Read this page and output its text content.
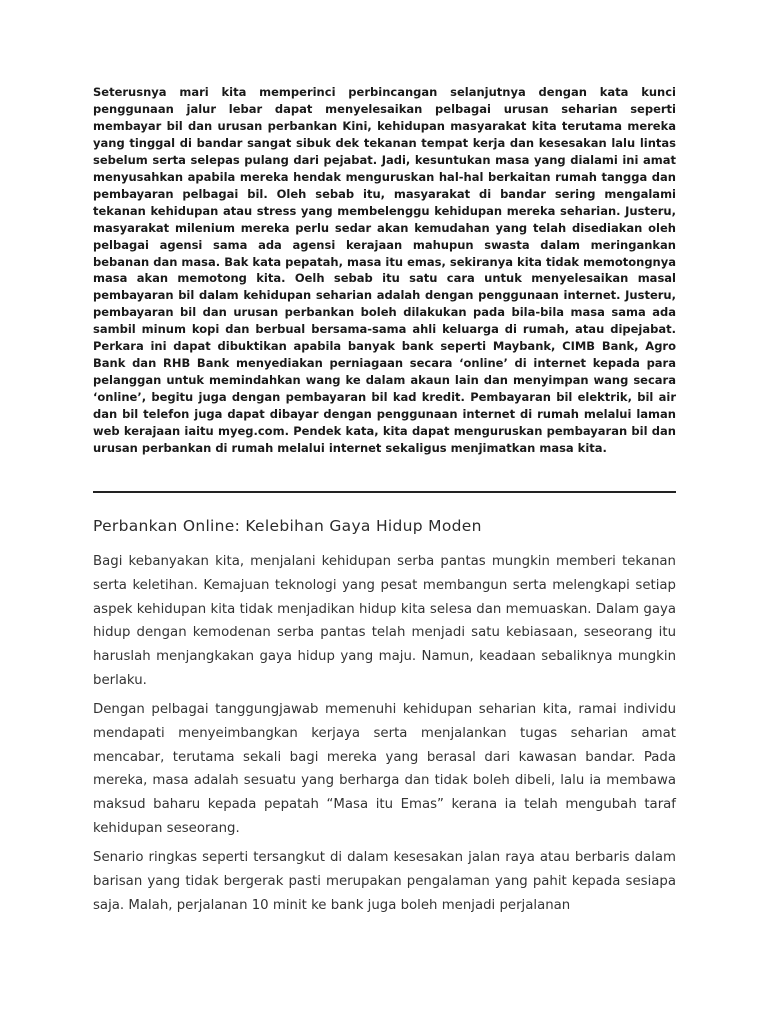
Seterusnya mari kita memperinci perbincangan selanjutnya dengan kata kunci penggunaan jalur lebar dapat menyelesaikan pelbagai urusan seharian seperti membayar bil dan urusan perbankan Kini, kehidupan masyarakat kita terutama mereka yang tinggal di bandar sangat sibuk dek tekanan tempat kerja dan kesesakan lalu lintas sebelum serta selepas pulang dari pejabat. Jadi, kesuntukan masa yang dialami ini amat menyusahkan apabila mereka hendak menguruskan hal-hal berkaitan rumah tangga dan pembayaran pelbagai bil. Oleh sebab itu, masyarakat di bandar sering mengalami tekanan kehidupan atau stress yang membelenggu kehidupan mereka seharian. Justeru, masyarakat milenium mereka perlu sedar akan kemudahan yang telah disediakan oleh pelbagai agensi sama ada agensi kerajaan mahupun swasta dalam meringankan bebanan dan masa. Bak kata pepatah, masa itu emas, sekiranya kita tidak memotongnya masa akan memotong kita. Oelh sebab itu satu cara untuk menyelesaikan masal pembayaran bil dalam kehidupan seharian adalah dengan penggunaan internet. Justeru, pembayaran bil dan urusan perbankan boleh dilakukan pada bila-bila masa sama ada sambil minum kopi dan berbual bersama-sama ahli keluarga di rumah, atau dipejabat. Perkara ini dapat dibuktikan apabila banyak bank seperti Maybank, CIMB Bank, Agro Bank dan RHB Bank menyediakan perniagaan secara ‘online’ di internet kepada para pelanggan untuk memindahkan wang ke dalam akaun lain dan menyimpan wang secara ‘online’, begitu juga dengan pembayaran bil kad kredit. Pembayaran bil elektrik, bil air dan bil telefon juga dapat dibayar dengan penggunaan internet di rumah melalui laman web kerajaan iaitu myeg.com. Pendek kata, kita dapat menguruskan pembayaran bil dan urusan perbankan di rumah melalui internet sekaligus menjimatkan masa kita.

Perbankan Online: Kelebihan Gaya Hidup Moden

Bagi kebanyakan kita, menjalani kehidupan serba pantas mungkin memberi tekanan serta keletihan. Kemajuan teknologi yang pesat membangun serta melengkapi setiap aspek kehidupan kita tidak menjadikan hidup kita selesa dan memuaskan. Dalam gaya hidup dengan kemodenan serba pantas telah menjadi satu kebiasaan, seseorang itu haruslah menjangkakan gaya hidup yang maju. Namun, keadaan sebaliknya mungkin berlaku.

Dengan pelbagai tanggungjawab memenuhi kehidupan seharian kita, ramai individu mendapati menyeimbangkan kerjaya serta menjalankan tugas seharian amat mencabar, terutama sekali bagi mereka yang berasal dari kawasan bandar. Pada mereka, masa adalah sesuatu yang berharga dan tidak boleh dibeli, lalu ia membawa maksud baharu kepada pepatah “Masa itu Emas” kerana ia telah mengubah taraf kehidupan seseorang.

Senario ringkas seperti tersangkut di dalam kesesakan jalan raya atau berbaris dalam barisan yang tidak bergerak pasti merupakan pengalaman yang pahit kepada sesiapa saja. Malah, perjalanan 10 minit ke bank juga boleh menjadi perjalanan
